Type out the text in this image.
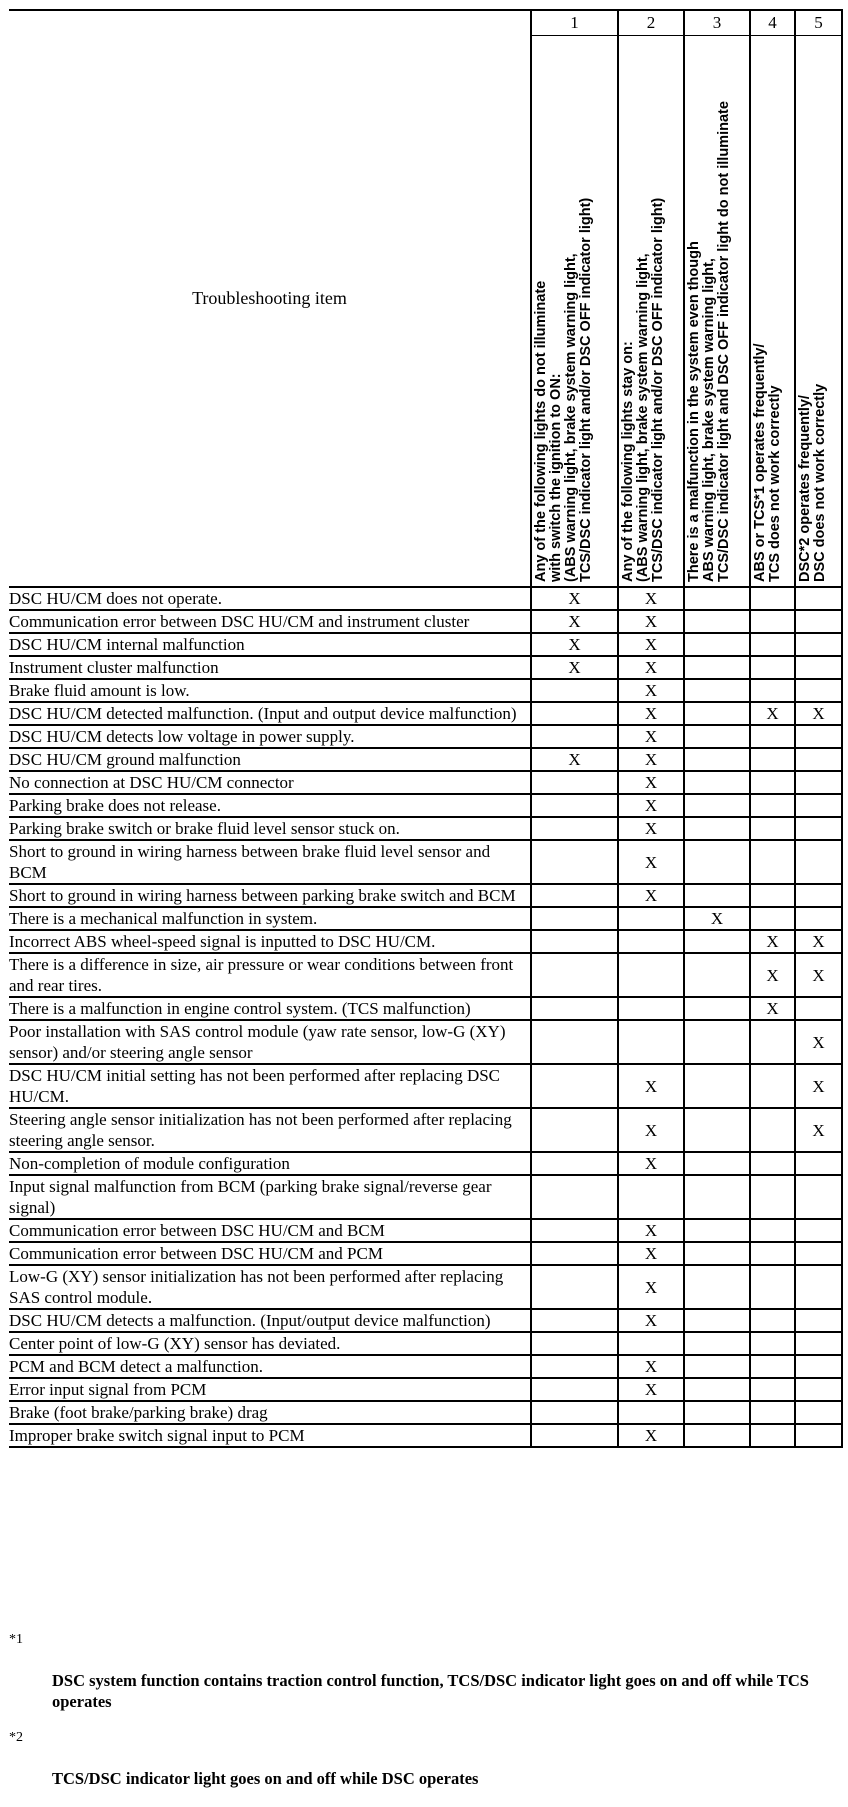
Troubleshooting item	1	2	3	4	5

	Any of the following lights do not illuminate with switch the ignition to ON: (ABS warning light, brake system warning light, TCS/DSC indicator light and/or DSC OFF indicator light)	Any of the following lights stay on: (ABS warning light, brake system warning light, TCS/DSC indicator light and/or DSC OFF indicator light)	There is a malfunction in the system even though ABS warning light, brake system warning light, TCS/DSC indicator light and DSC OFF indicator light do not illuminate	ABS or TCS*1 operates frequently/ TCS does not work correctly	DSC*2 operates frequently/ DSC does not work correctly

DSC HU/CM does not operate.	X	X			
Communication error between DSC HU/CM and instrument cluster	X	X			
DSC HU/CM internal malfunction	X	X			
Instrument cluster malfunction	X	X			
Brake fluid amount is low.		X			
DSC HU/CM detected malfunction. (Input and output device malfunction)		X		X	X
DSC HU/CM detects low voltage in power supply.		X			
DSC HU/CM ground malfunction	X	X			
No connection at DSC HU/CM connector		X			
Parking brake does not release.		X			
Parking brake switch or brake fluid level sensor stuck on.		X			
Short to ground in wiring harness between brake fluid level sensor and BCM		X			
Short to ground in wiring harness between parking brake switch and BCM		X			
There is a mechanical malfunction in system.			X		
Incorrect ABS wheel-speed signal is inputted to DSC HU/CM.				X	X
There is a difference in size, air pressure or wear conditions between front and rear tires.				X	X
There is a malfunction in engine control system. (TCS malfunction)				X	
Poor installation with SAS control module (yaw rate sensor, low-G (XY) sensor) and/or steering angle sensor					X
DSC HU/CM initial setting has not been performed after replacing DSC HU/CM.		X			X
Steering angle sensor initialization has not been performed after replacing steering angle sensor.		X			X
Non-completion of module configuration		X			
Input signal malfunction from BCM (parking brake signal/reverse gear signal)					
Communication error between DSC HU/CM and BCM		X			
Communication error between DSC HU/CM and PCM		X			
Low-G (XY) sensor initialization has not been performed after replacing SAS control module.		X			
DSC HU/CM detects a malfunction. (Input/output device malfunction)		X			
Center point of low-G (XY) sensor has deviated.					
PCM and BCM detect a malfunction.		X			
Error input signal from PCM		X			
Brake (foot brake/parking brake) drag					
Improper brake switch signal input to PCM		X			
*1
DSC system function contains traction control function, TCS/DSC indicator light goes on and off while TCS operates
*2
TCS/DSC indicator light goes on and off while DSC operates
